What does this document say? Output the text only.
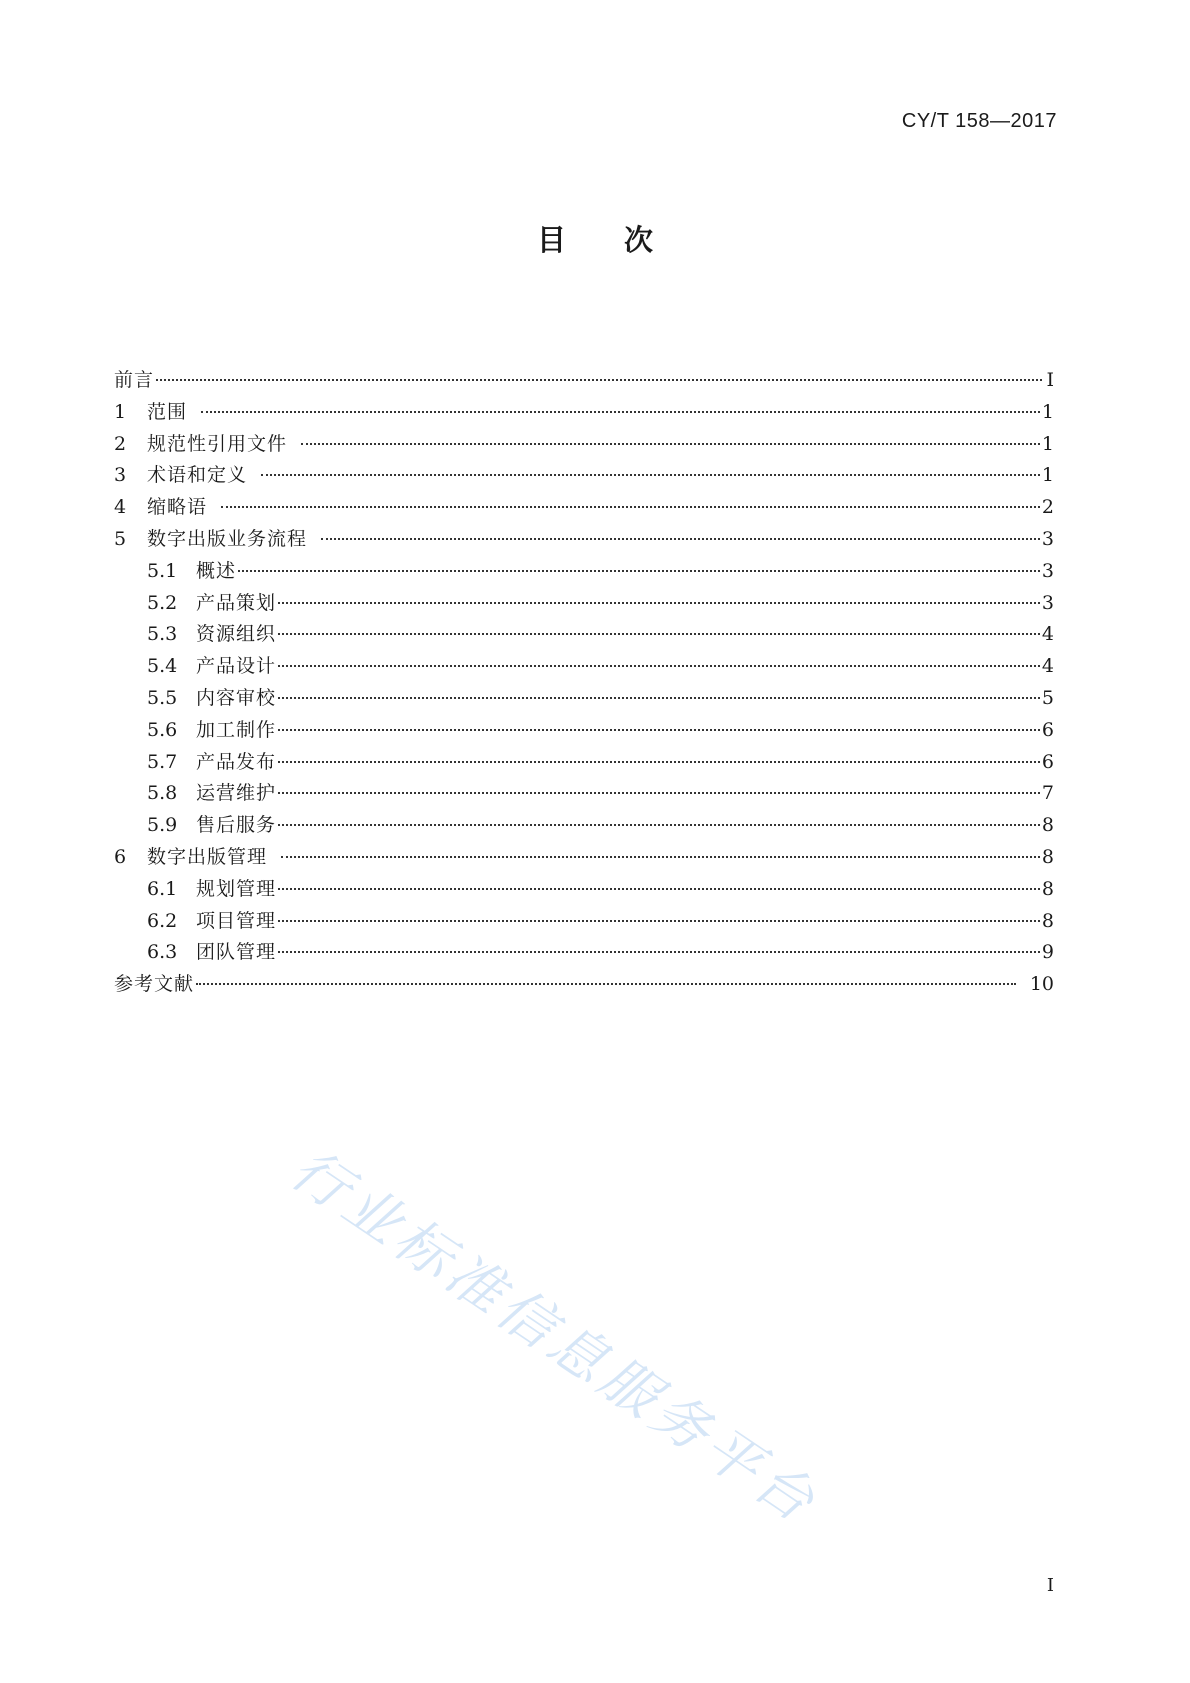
CY/T 158—2017
目次
前言	I
1	范围	1
2	规范性引用文件	1
3	术语和定义	1
4	缩略语	2
5	数字出版业务流程	3
5.1 概述	3
5.2 产品策划	3
5.3 资源组织	4
5.4 产品设计	4
5.5 内容审校	5
5.6 加工制作	6
5.7 产品发布	6
5.8 运营维护	7
5.9 售后服务	8
6	数字出版管理	8
6.1 规划管理	8
6.2 项目管理	8
6.3 团队管理	9
参考文献	10
I
行业标准信息服务平台
